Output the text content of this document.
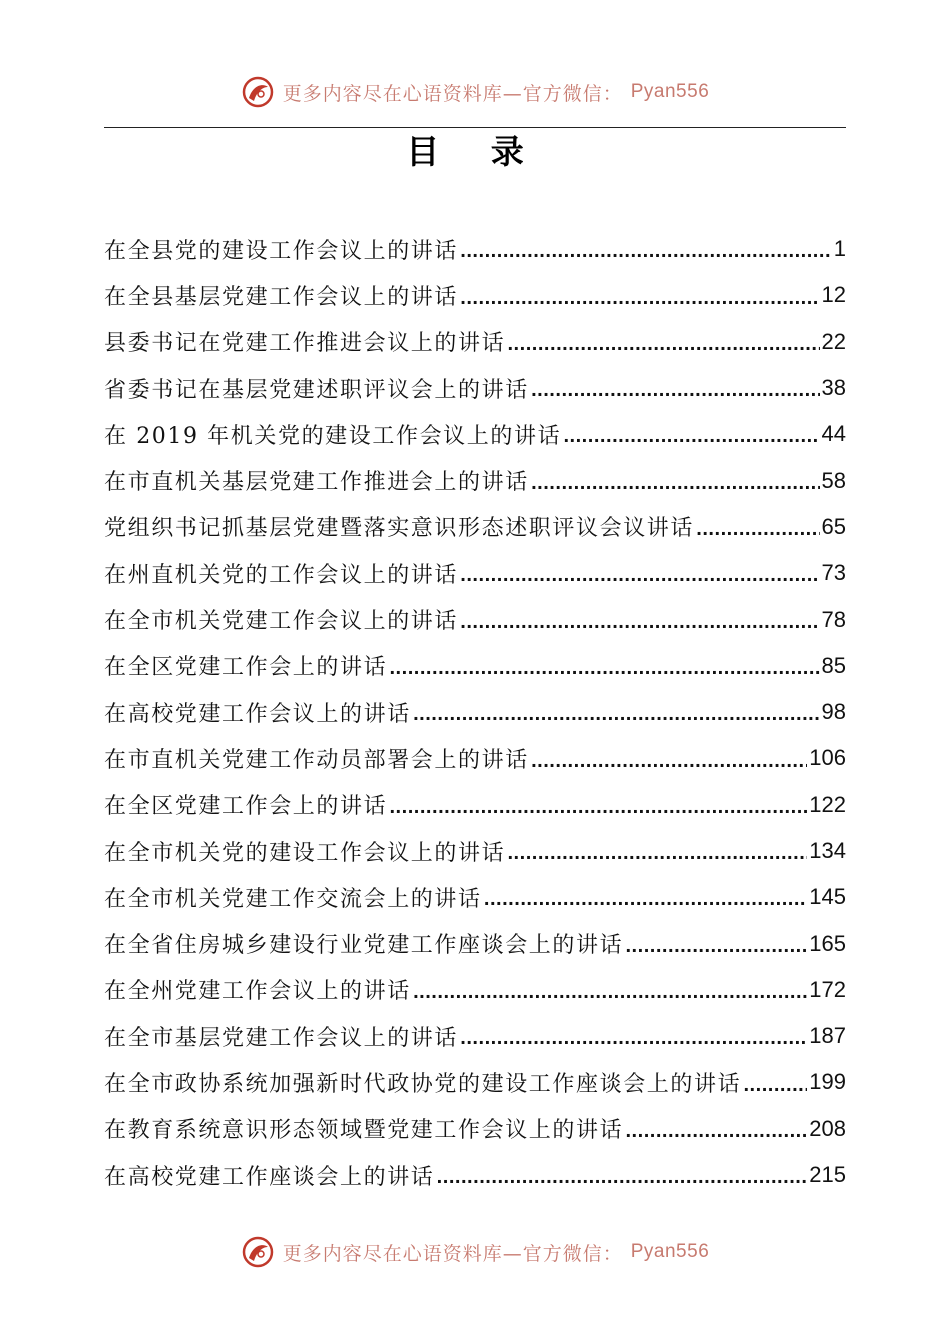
更多内容尽在心语资料库—官方微信： Pyan556
目 录
在全县党的建设工作会议上的讲话 .....	1
在全县基层党建工作会议上的讲话 .....	12
县委书记在党建工作推进会议上的讲话 .....	22
省委书记在基层党建述职评议会上的讲话 .....	38
在 2019 年机关党的建设工作会议上的讲话 .....	44
在市直机关基层党建工作推进会上的讲话 .....	58
党组织书记抓基层党建暨落实意识形态述职评议会议讲话 .....	65
在州直机关党的工作会议上的讲话 .....	73
在全市机关党建工作会议上的讲话 .....	78
在全区党建工作会上的讲话 .....	85
在高校党建工作会议上的讲话 .....	98
在市直机关党建工作动员部署会上的讲话 .....	106
在全区党建工作会上的讲话 .....	122
在全市机关党的建设工作会议上的讲话 .....	134
在全市机关党建工作交流会上的讲话 .....	145
在全省住房城乡建设行业党建工作座谈会上的讲话 .....	165
在全州党建工作会议上的讲话 .....	172
在全市基层党建工作会议上的讲话 .....	187
在全市政协系统加强新时代政协党的建设工作座谈会上的讲话 .....	199
在教育系统意识形态领域暨党建工作会议上的讲话 .....	208
在高校党建工作座谈会上的讲话 .....	215
更多内容尽在心语资料库—官方微信： Pyan556
